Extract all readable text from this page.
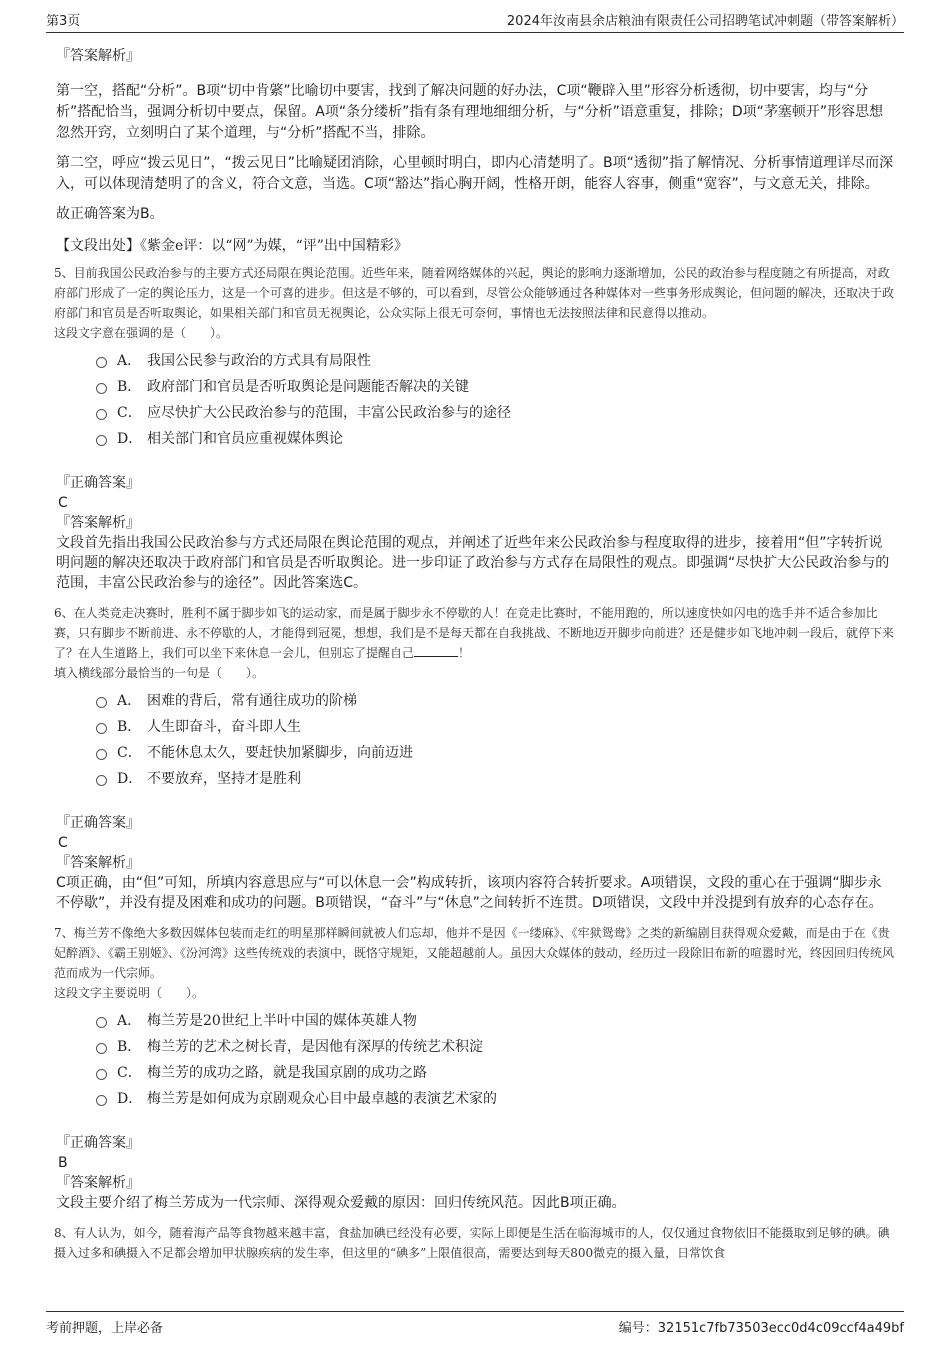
第3页	2024年汝南县余店粮油有限责任公司招聘笔试冲刺题（带答案解析）
『答案解析』

第一空，搭配“分析”。B项“切中肯綮”比喻切中要害，找到了解决问题的好办法，C项“鞭辟入里”形容分析透彻，切中要害，均与“分析”搭配恰当，强调分析切中要点，保留。A项“条分缕析”指有条有理地细细分析，与“分析”语意重复，排除；D项“茅塞顿开”形容思想忽然开窍，立刻明白了某个道理，与“分析”搭配不当，排除。

第二空，呼应“拨云见日”，“拨云见日”比喻疑团消除，心里顿时明白，即内心清楚明了。B项“透彻”指了解情况、分析事情道理详尽而深入，可以体现清楚明了的含义，符合文意，当选。C项“豁达”指心胸开阔，性格开朗，能容人容事，侧重“宽容”，与文意无关，排除。

故正确答案为B。

【文段出处】《紫金e评：以“网”为媒，“评”出中国精彩》

5、目前我国公民政治参与的主要方式还局限在舆论范围。近些年来，随着网络媒体的兴起，舆论的影响力逐渐增加，公民的政治参与程度随之有所提高，对政府部门形成了一定的舆论压力，这是一个可喜的进步。但这是不够的，可以看到，尽管公众能够通过各种媒体对一些事务形成舆论，但问题的解决，还取决于政府部门和官员是否听取舆论，如果相关部门和官员无视舆论，公众实际上很无可奈何，事情也无法按照法律和民意得以推动。
这段文字意在强调的是（　　）。
A． 我国公民参与政治的方式具有局限性
B． 政府部门和官员是否听取舆论是问题能否解决的关键
C． 应尽快扩大公民政治参与的范围，丰富公民政治参与的途径
D． 相关部门和官员应重视媒体舆论
『正确答案』
C
『答案解析』

文段首先指出我国公民政治参与方式还局限在舆论范围的观点，并阐述了近些年来公民政治参与程度取得的进步，接着用“但”字转折说明问题的解决还取决于政府部门和官员是否听取舆论。进一步印证了政治参与方式存在局限性的观点。即强调“尽快扩大公民政治参与的范围，丰富公民政治参与的途径”。因此答案选C。

6、在人类竞走决赛时，胜利不属于脚步如飞的运动家，而是属于脚步永不停歇的人！在竞走比赛时，不能用跑的，所以速度快如闪电的选手并不适合参加比赛，只有脚步不断前进、永不停歇的人，才能得到冠冕，想想，我们是不是每天都在自我挑战、不断地迈开脚步向前进？还是健步如飞地冲刺一段后，就停下来了？在人生道路上，我们可以坐下来休息一会儿，但别忘了提醒自己	！
填入横线部分最恰当的一句是（　　）。
A． 困难的背后，常有通往成功的阶梯
B． 人生即奋斗，奋斗即人生
C． 不能休息太久，要赶快加紧脚步，向前迈进
D． 不要放弃，坚持才是胜利
『正确答案』
C
『答案解析』

C项正确，由“但”可知，所填内容意思应与“可以休息一会”构成转折，该项内容符合转折要求。A项错误，文段的重心在于强调“脚步永不停歇”，并没有提及困难和成功的问题。B项错误，“奋斗”与“休息”之间转折不连贯。D项错误，文段中并没提到有放弃的心态存在。

7、梅兰芳不像绝大多数因媒体包装而走红的明星那样瞬间就被人们忘却，他并不是因《一缕麻》、《牢狱鸳鸯》之类的新编剧目获得观众爱戴，而是由于在《贵妃醉酒》、《霸王别姬》、《汾河湾》这些传统戏的表演中，既恪守规矩，又能超越前人。虽因大众媒体的鼓动，经历过一段除旧布新的喧嚣时光，终因回归传统风范而成为一代宗师。
这段文字主要说明（　　）。
A． 梅兰芳是20世纪上半叶中国的媒体英雄人物
B． 梅兰芳的艺术之树长青，是因他有深厚的传统艺术积淀
C． 梅兰芳的成功之路，就是我国京剧的成功之路
D． 梅兰芳是如何成为京剧观众心目中最卓越的表演艺术家的
『正确答案』
B
『答案解析』

文段主要介绍了梅兰芳成为一代宗师、深得观众爱戴的原因：回归传统风范。因此B项正确。

8、有人认为，如今，随着海产品等食物越来越丰富，食盐加碘已经没有必要，实际上即便是生活在临海城市的人，仅仅通过食物依旧不能摄取到足够的碘。碘摄入过多和碘摄入不足都会增加甲状腺疾病的发生率，但这里的“碘多”上限值很高，需要达到每天800微克的摄入量，日常饮食
考前押题，上岸必备	编号：32151c7fb73503ecc0d4c09ccf4a49bf
